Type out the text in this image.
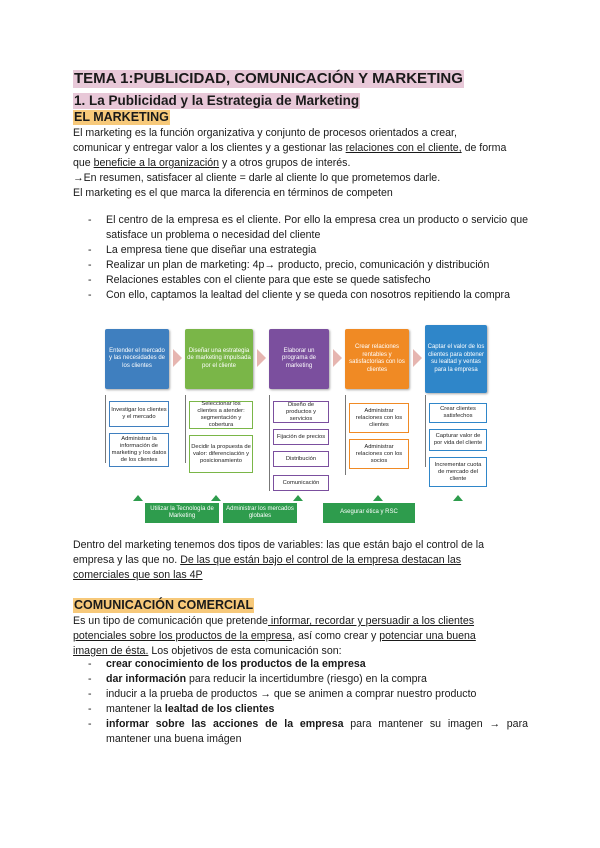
TEMA 1:PUBLICIDAD, COMUNICACIÓN Y MARKETING
1. La Publicidad y la Estrategia de Marketing
EL MARKETING
El marketing es la función organizativa y conjunto de procesos orientados a crear,
comunicar y entregar valor a los clientes y a gestionar las relaciones con el cliente, de forma
que beneficie a la organización y a otros grupos de interés.
→En resumen, satisfacer al cliente = darle al cliente lo que prometemos darle.
El marketing es el que marca la diferencia en términos de competen
- El centro de la empresa es el cliente. Por ello la empresa crea un producto o servicio que satisface un problema o necesidad del cliente
- La empresa tiene que diseñar una estrategia
- Realizar un plan de marketing: 4p→ producto, precio, comunicación y distribución
- Relaciones estables con el cliente para que este se quede satisfecho
- Con ello, captamos la lealtad del cliente y se queda con nosotros repitiendo la compra
Dentro del marketing tenemos dos tipos de variables: las que están bajo el control de la
empresa y las que no. De las que están bajo el control de la empresa destacan las
comerciales que son las 4P
COMUNICACIÓN COMERCIAL
Es un tipo de comunicación que pretende informar, recordar y persuadir a los clientes
potenciales sobre los productos de la empresa, así como crear y potenciar una buena
imagen de ésta. Los objetivos de esta comunicación son:
- crear conocimiento de los productos de la empresa
- dar información para reducir la incertidumbre (riesgo) en la compra
- inducir a la prueba de productos → que se animen a comprar nuestro producto
- mantener la lealtad de los clientes
- informar sobre las acciones de la empresa para mantener su imagen → para mantener una buena imágen
Entender el mercado y las necesidades de los clientes
Diseñar una estrategia de marketing impulsada por el cliente
Elaborar un programa de marketing
Crear relaciones rentables y satisfactorias con los clientes
Captar el valor de los clientes para obtener su lealtad y ventas para la empresa
Investigar los clientes y el mercado
Administrar la información de marketing y los datos de los clientes
Seleccionar los clientes a atender: segmentación y cobertura
Decidir la propuesta de valor: diferenciación y posicionamiento
Diseño de productos y servicios
Fijación de precios
Distribución
Comunicación
Administrar relaciones con los clientes
Administrar relaciones con los socios
Crear clientes satisfechos
Capturar valor de por vida del cliente
Incrementar cuota de mercado del cliente
Utilizar la Tecnología de Marketing
Administrar los mercados globales
Asegurar ética y RSC
